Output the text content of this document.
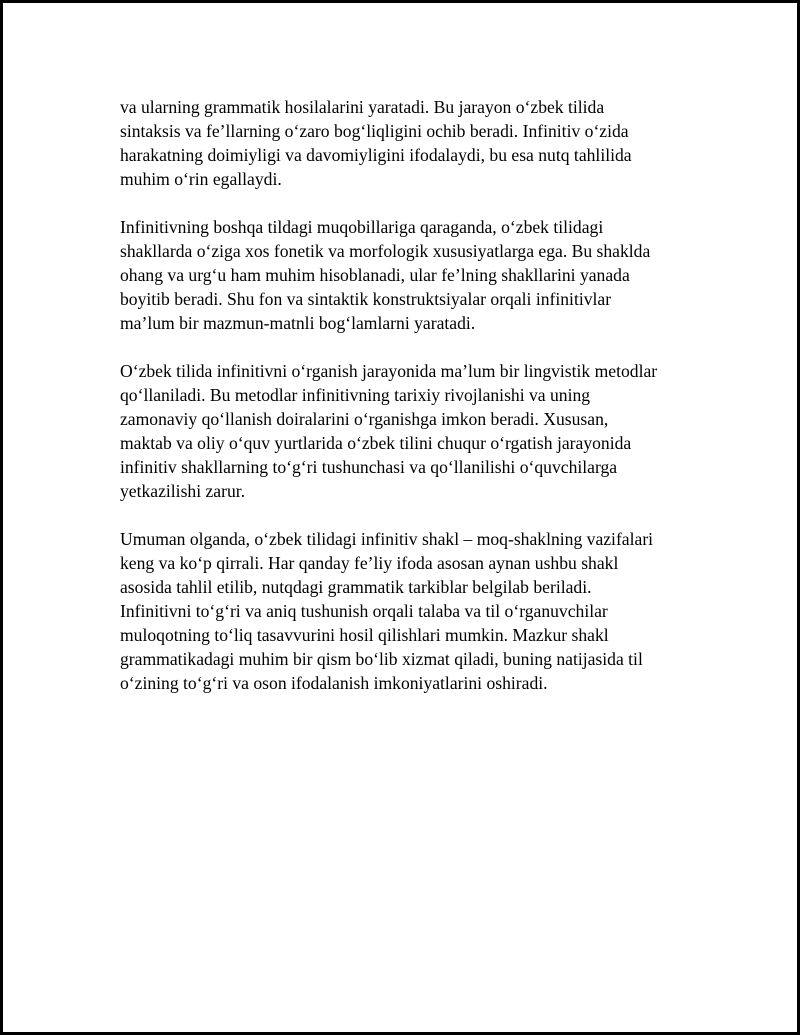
va ularning grammatik hosilalarini yaratadi. Bu jarayon o‘zbek tilida
sintaksis va fe’llarning o‘zaro bog‘liqligini ochib beradi. Infinitiv o‘zida
harakatning doimiyligi va davomiyligini ifodalaydi, bu esa nutq tahlilida
muhim o‘rin egallaydi.

Infinitivning boshqa tildagi muqobillariga qaraganda, o‘zbek tilidagi
shakllarda o‘ziga xos fonetik va morfologik xususiyatlarga ega. Bu shaklda
ohang va urg‘u ham muhim hisoblanadi, ular fe’lning shakllarini yanada
boyitib beradi. Shu fon va sintaktik konstruktsiyalar orqali infinitivlar
ma’lum bir mazmun-matnli bog‘lamlarni yaratadi.

O‘zbek tilida infinitivni o‘rganish jarayonida ma’lum bir lingvistik metodlar
qo‘llaniladi. Bu metodlar infinitivning tarixiy rivojlanishi va uning
zamonaviy qo‘llanish doiralarini o‘rganishga imkon beradi. Xususan,
maktab va oliy o‘quv yurtlarida o‘zbek tilini chuqur o‘rgatish jarayonida
infinitiv shakllarning to‘g‘ri tushunchasi va qo‘llanilishi o‘quvchilarga
yetkazilishi zarur.

Umuman olganda, o‘zbek tilidagi infinitiv shakl – moq-shaklning vazifalari
keng va ko‘p qirrali. Har qanday fe’liy ifoda asosan aynan ushbu shakl
asosida tahlil etilib, nutqdagi grammatik tarkiblar belgilab beriladi.
Infinitivni to‘g‘ri va aniq tushunish orqali talaba va til o‘rganuvchilar
muloqotning to‘liq tasavvurini hosil qilishlari mumkin. Mazkur shakl
grammatikadagi muhim bir qism bo‘lib xizmat qiladi, buning natijasida til
o‘zining to‘g‘ri va oson ifodalanish imkoniyatlarini oshiradi.
